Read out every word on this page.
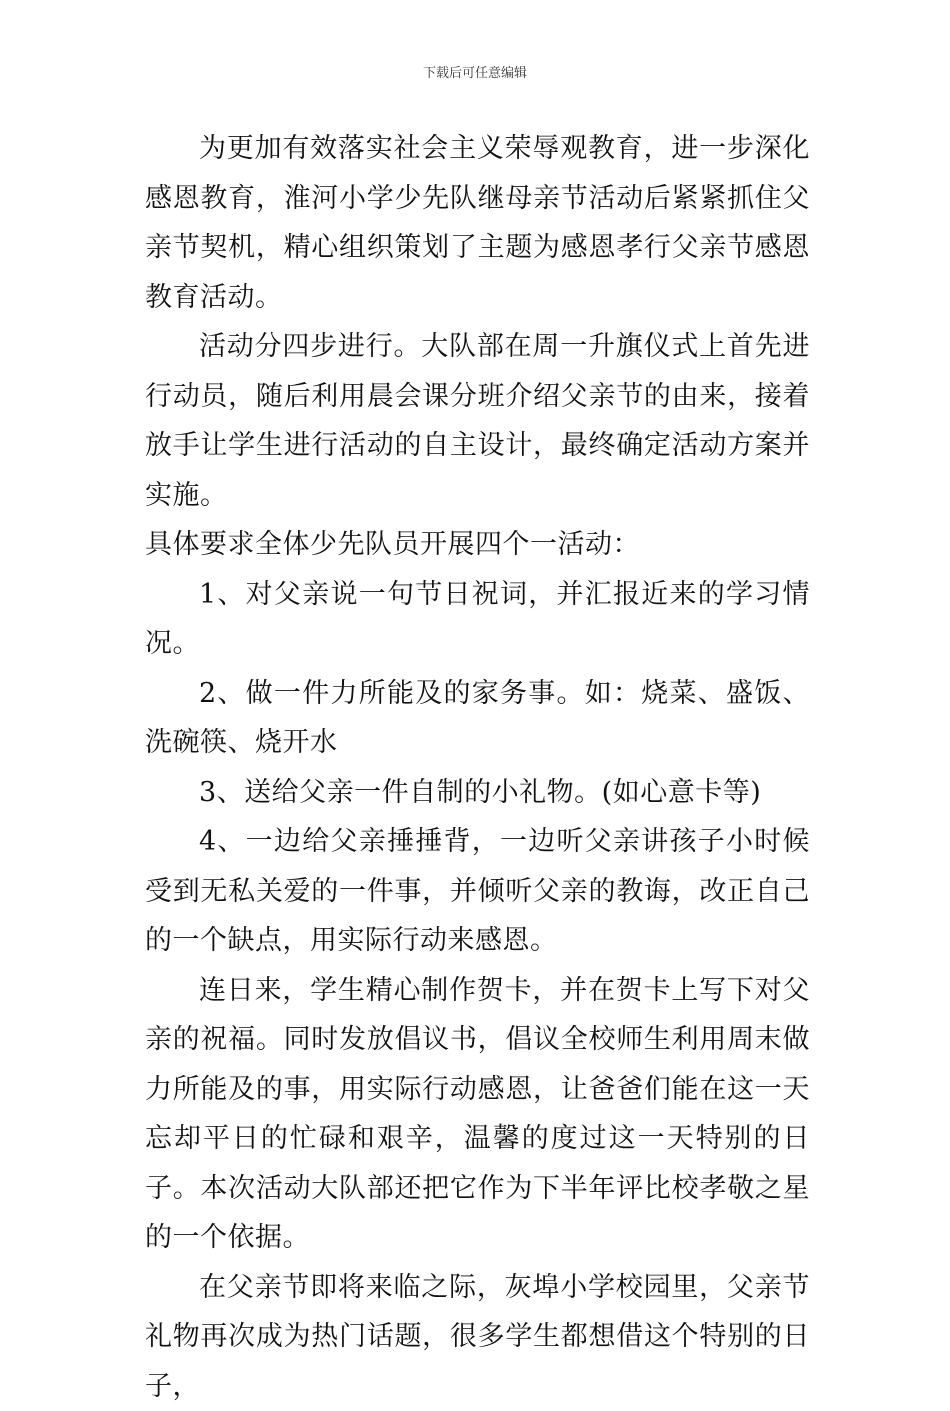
下载后可任意编辑

为更加有效落实社会主义荣辱观教育，进一步深化感恩教育，淮河小学少先队继母亲节活动后紧紧抓住父亲节契机，精心组织策划了主题为感恩孝行父亲节感恩教育活动。

活动分四步进行。大队部在周一升旗仪式上首先进行动员，随后利用晨会课分班介绍父亲节的由来，接着放手让学生进行活动的自主设计，最终确定活动方案并实施。

具体要求全体少先队员开展四个一活动：

1、对父亲说一句节日祝词，并汇报近来的学习情况。

2、做一件力所能及的家务事。如：烧菜、盛饭、洗碗筷、烧开水

3、送给父亲一件自制的小礼物。(如心意卡等)

4、一边给父亲捶捶背，一边听父亲讲孩子小时候受到无私关爱的一件事，并倾听父亲的教诲，改正自己的一个缺点，用实际行动来感恩。

连日来，学生精心制作贺卡，并在贺卡上写下对父亲的祝福。同时发放倡议书，倡议全校师生利用周末做力所能及的事，用实际行动感恩，让爸爸们能在这一天忘却平日的忙碌和艰辛，温馨的度过这一天特别的日子。本次活动大队部还把它作为下半年评比校孝敬之星的一个依据。

在父亲节即将来临之际，灰埠小学校园里，父亲节礼物再次成为热门话题，很多学生都想借这个特别的日子，
